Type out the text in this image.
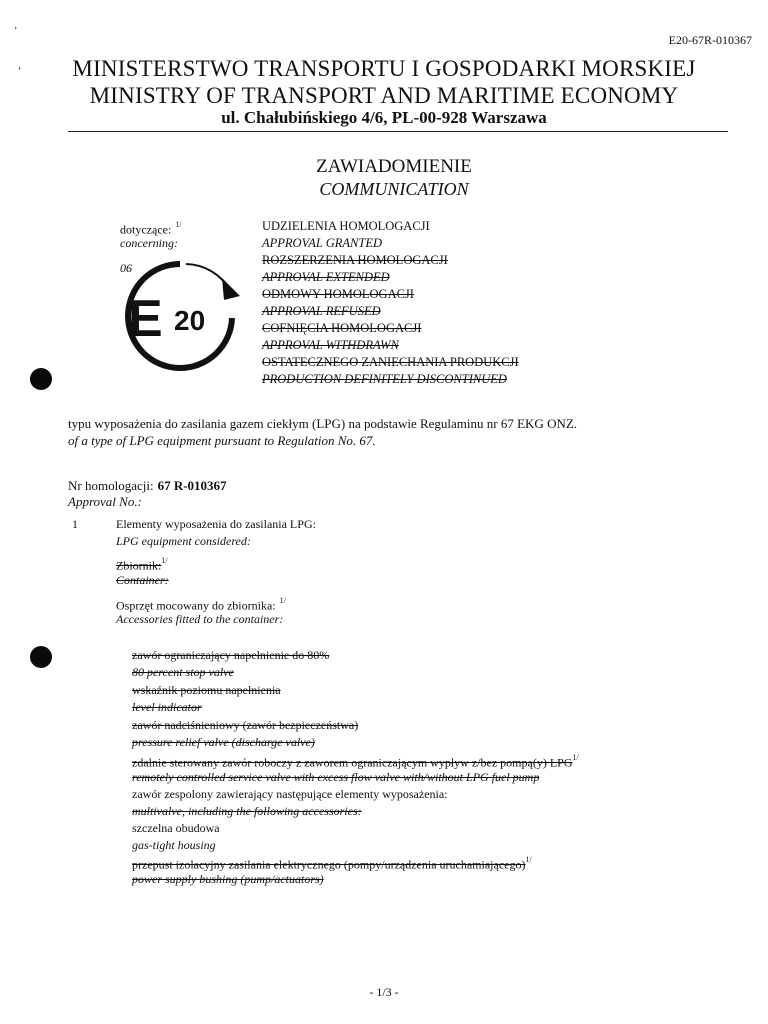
’
‘
E20-67R-010367
MINISTERSTWO TRANSPORTU I GOSPODARKI MORSKIEJ
MINISTRY OF TRANSPORT AND MARITIME ECONOMY
ul. Chałubińskiego 4/6, PL-00-928 Warszawa
ZAWIADOMIENIE
COMMUNICATION
dotyczące: $^{1/}$
concerning:
06
E 20
UDZIELENIA HOMOLOGACJI
APPROVAL GRANTED
ROZSZERZENIA HOMOLOGACJI
APPROVAL EXTENDED
ODMOWY HOMOLOGACJI
APPROVAL REFUSED
COFNIĘCIA HOMOLOGACJI
APPROVAL WITHDRAWN
OSTATECZNEGO ZANIECHANIA PRODUKCJI
PRODUCTION DEFINITELY DISCONTINUED
typu wyposażenia do zasilania gazem ciekłym (LPG) na podstawie Regulaminu nr 67 EKG ONZ.
of a type of LPG equipment pursuant to Regulation No. 67.
Nr homologacji: 67 R-010367
Approval No.:
1	Elementy wyposażenia do zasilania LPG:
LPG equipment considered:
Zbiornik:$^{1/}$
Container:
Osprzęt mocowany do zbiornika: $^{1/}$
Accessories fitted to the container:
zawór ograniczający napełnienie do 80%
80 percent stop valve
wskaźnik poziomu napełnienia
level indicator
zawór nadciśnieniowy (zawór bezpieczeństwa)
pressure relief valve (discharge valve)
zdalnie sterowany zawór roboczy z zaworem ograniczającym wypływ z/bez pompą(y) $LPG^{1/}$
remotely controlled service valve with excess flow valve with/without LPG fuel pump
zawór zespolony zawierający następujące elementy wyposażenia:
multivalve, including the following accessories:
szczelna obudowa
gas-tight housing
przepust izolacyjny zasilania elektrycznego (pompy/urządzenia uruchamiającego)$^{1/}$
power supply bushing (pump/actuators)
- 1/3 -
